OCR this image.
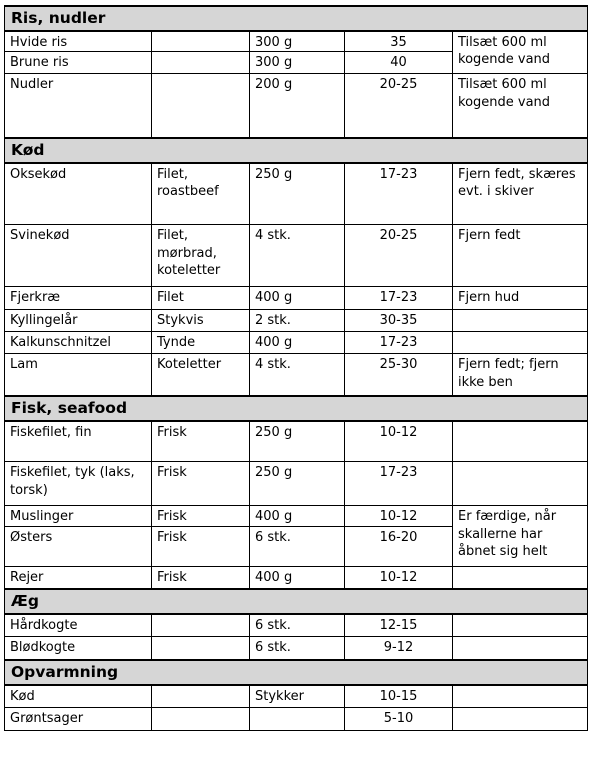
Ris, nudler				
Hvide ris		300 g	35	Tilsæt 600 ml kogende vand
Brune ris		300 g	40	
Nudler		200 g	20-25	Tilsæt 600 ml kogende vand
Kød				
Oksekød	Filet, roastbeef	250 g	17-23	Fjern fedt, skæres evt. i skiver
Svinekød	Filet, mørbrad, koteletter	4 stk.	20-25	Fjern fedt
Fjerkræ	Filet	400 g	17-23	Fjern hud
Kyllingelår	Stykvis	2 stk.	30-35	
Kalkunschnitzel	Tynde	400 g	17-23	
Lam	Koteletter	4 stk.	25-30	Fjern fedt; fjern ikke ben
Fisk, seafood				
Fiskefilet, fin	Frisk	250 g	10-12	
Fiskefilet, tyk (laks, torsk)	Frisk	250 g	17-23	
Muslinger	Frisk	400 g	10-12	Er færdige, når skallerne har åbnet sig helt
Østers	Frisk	6 stk.	16-20	
Rejer	Frisk	400 g	10-12	
Æg				
Hårdkogte		6 stk.	12-15	
Blødkogte		6 stk.	9-12	
Opvarmning				
Kød		Stykker	10-15	
Grøntsager			5-10	
